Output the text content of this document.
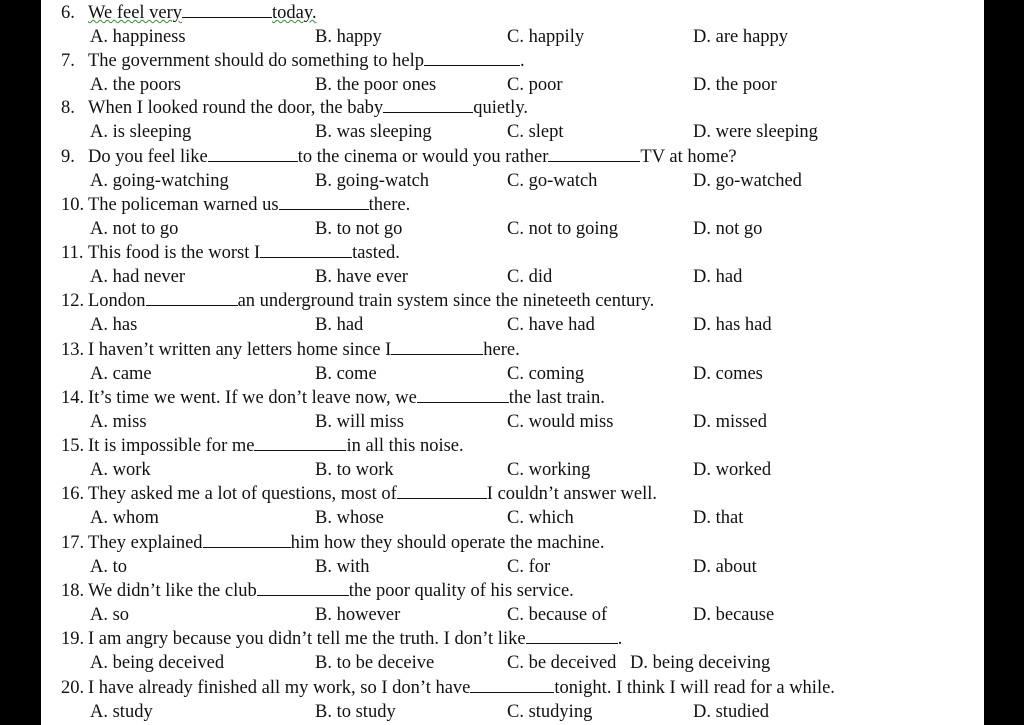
6. We feel very	today.
A. happiness	B. happy	C. happily	D. are happy
7. The government should do something to help	.
A. the poors	B. the poor ones	C. poor	D. the poor
8. When I looked round the door, the baby	quietly.
A. is sleeping	B. was sleeping	C. slept	D. were sleeping
9. Do you feel like	to the cinema or would you rather	TV at home?
A. going-watching	B. going-watch	C. go-watch	D. go-watched
10. The policeman warned us	there.
A. not to go	B. to not go	C. not to going	D. not go
11. This food is the worst I	tasted.
A. had never	B. have ever	C. did	D. had
12. London	an underground train system since the nineteeth century.
A. has	B. had	C. have had	D. has had
13. I haven’t written any letters home since I	here.
A. came	B. come	C. coming	D. comes
14. It’s time we went. If we don’t leave now, we	the last train.
A. miss	B. will miss	C. would miss	D. missed
15. It is impossible for me	in all this noise.
A. work	B. to work	C. working	D. worked
16. They asked me a lot of questions, most of	I couldn’t answer well.
A. whom	B. whose	C. which	D. that
17. They explained	him how they should operate the machine.
A. to	B. with	C. for	D. about
18. We didn’t like the club	the poor quality of his service.
A. so	B. however	C. because of	D. because
19. I am angry because you didn’t tell me the truth. I don’t like	.
A. being deceived	B. to be deceive	C. be deceived D. being deceiving
20. I have already finished all my work, so I don’t have	tonight. I think I will read for a while.
A. study	B. to study	C. studying	D. studied
